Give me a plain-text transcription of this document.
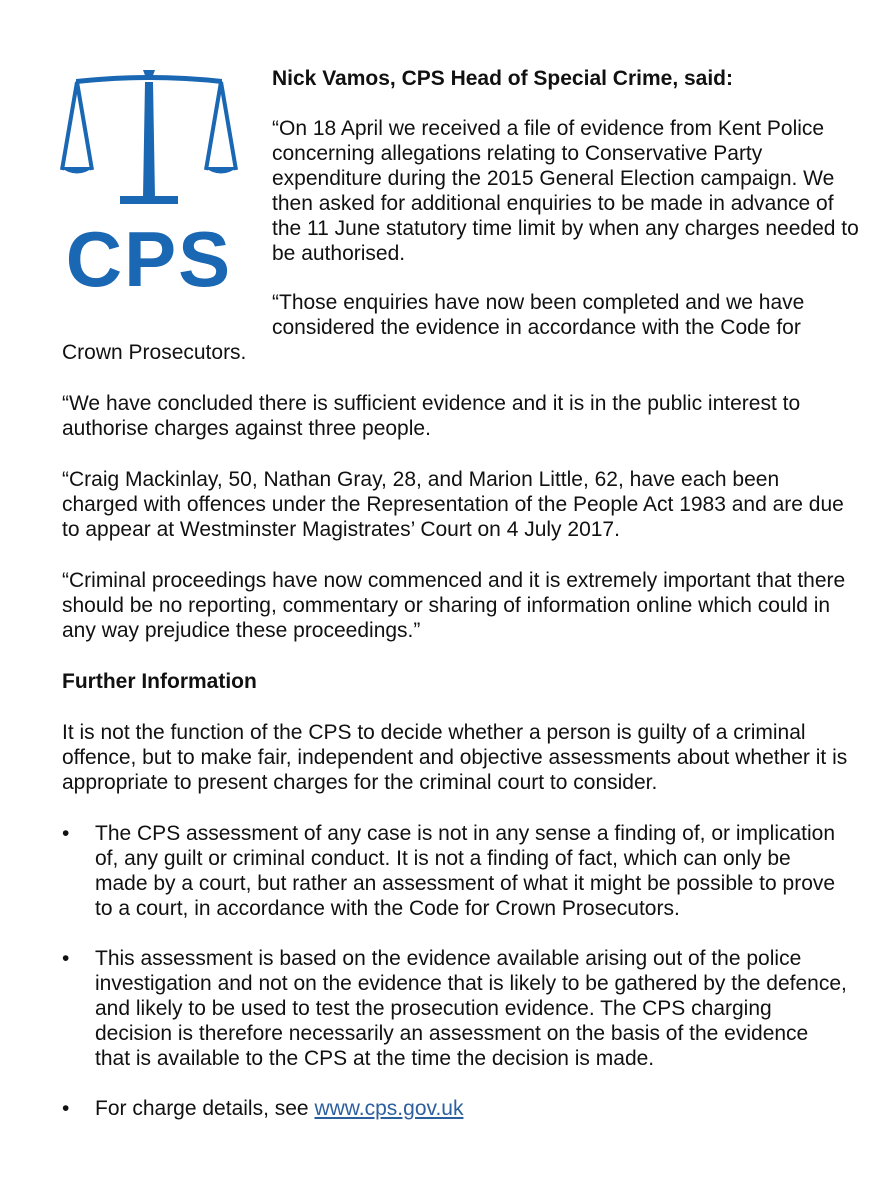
CPS

Nick Vamos, CPS Head of Special Crime, said:

“On 18 April we received a file of evidence from Kent Police concerning allegations relating to Conservative Party expenditure during the 2015 General Election campaign. We then asked for additional enquiries to be made in advance of the 11 June statutory time limit by when any charges needed to be authorised.

“Those enquiries have now been completed and we have

considered the evidence in accordance with the Code for

Crown Prosecutors.

“We have concluded there is sufficient evidence and it is in the public interest to authorise charges against three people.

“Craig Mackinlay, 50, Nathan Gray, 28, and Marion Little, 62, have each been charged with offences under the Representation of the People Act 1983 and are due to appear at Westminster Magistrates’ Court on 4 July 2017.

“Criminal proceedings have now commenced and it is extremely important that there should be no reporting, commentary or sharing of information online which could in any way prejudice these proceedings.”

Further Information

It is not the function of the CPS to decide whether a person is guilty of a criminal offence, but to make fair, independent and objective assessments about whether it is appropriate to present charges for the criminal court to consider.

• The CPS assessment of any case is not in any sense a finding of, or implication of, any guilt or criminal conduct. It is not a finding of fact, which can only be made by a court, but rather an assessment of what it might be possible to prove to a court, in accordance with the Code for Crown Prosecutors.
• This assessment is based on the evidence available arising out of the police investigation and not on the evidence that is likely to be gathered by the defence, and likely to be used to test the prosecution evidence. The CPS charging decision is therefore necessarily an assessment on the basis of the evidence that is available to the CPS at the time the decision is made.
• For charge details, see www.cps.gov.uk
